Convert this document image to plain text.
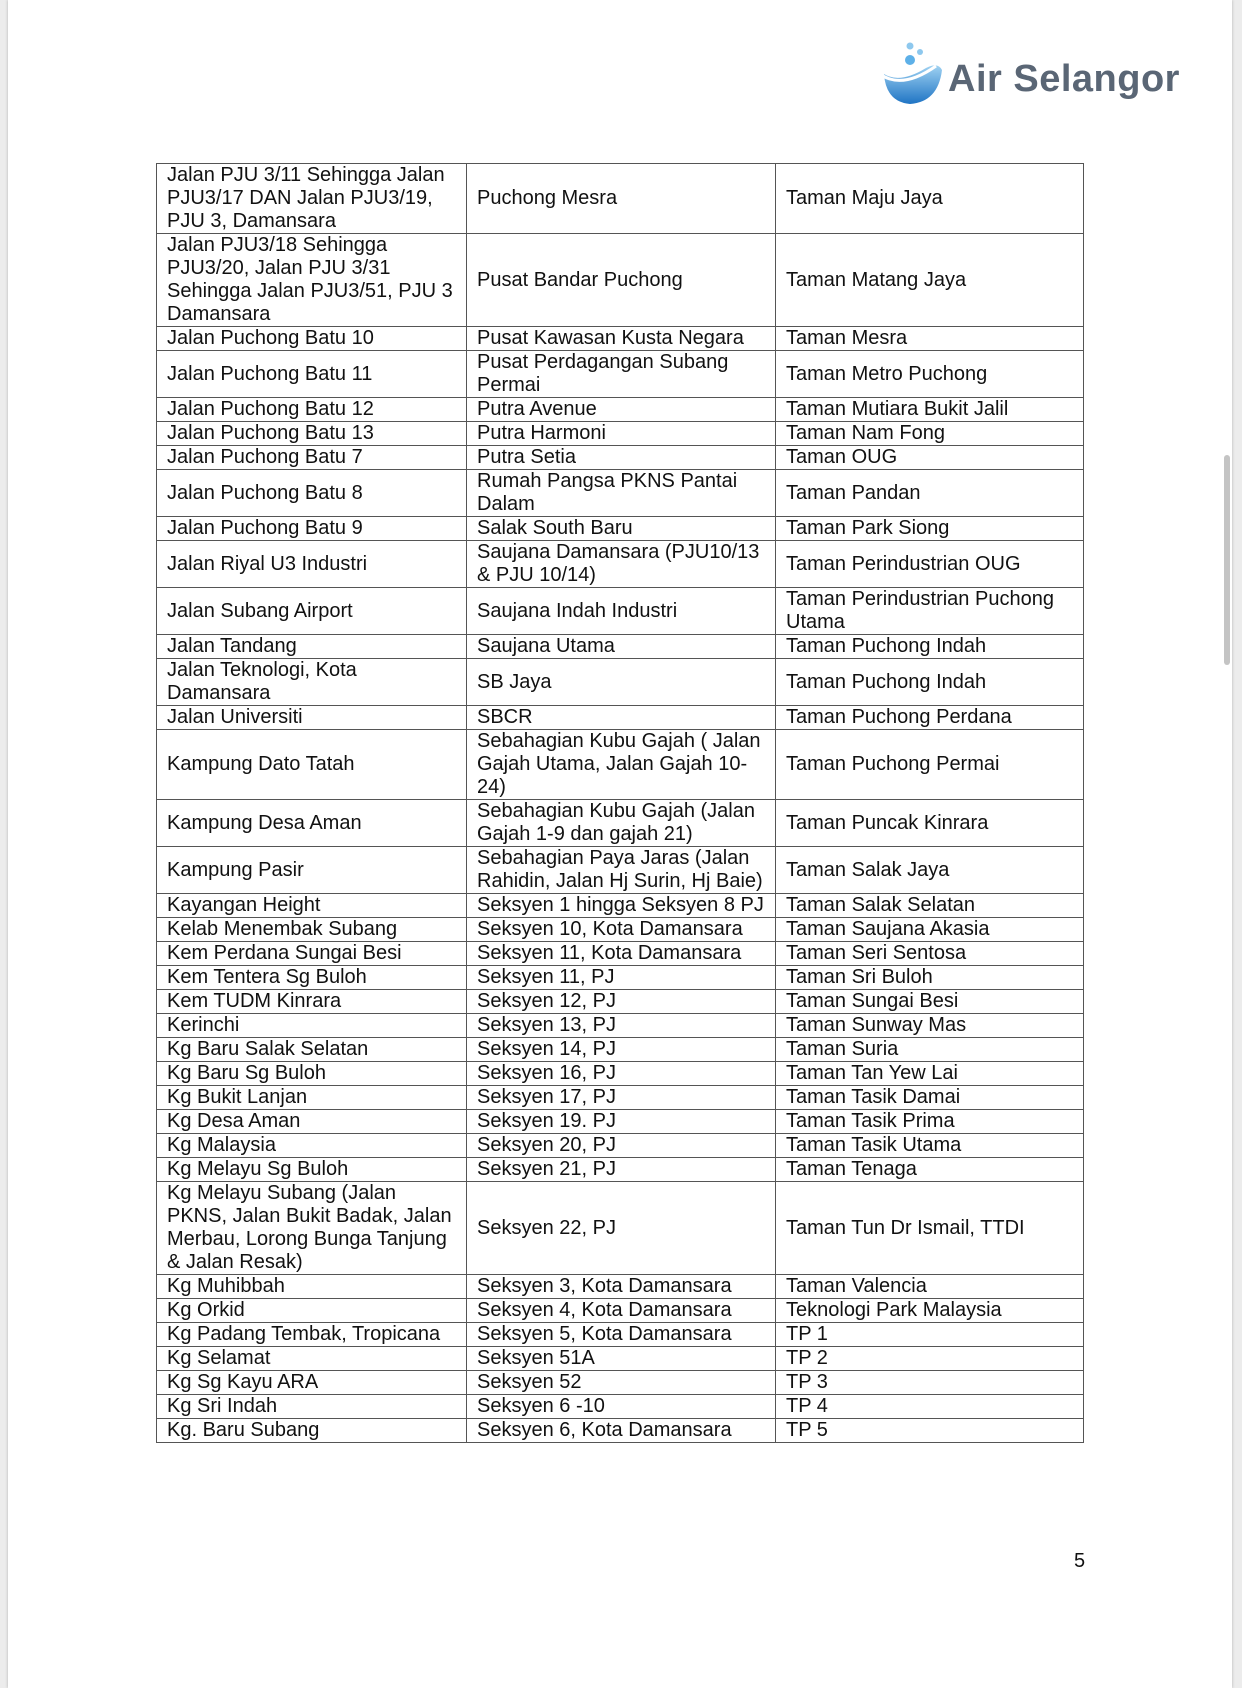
Air Selangor
Jalan PJU 3/11 Sehingga Jalan PJU3/17 DAN Jalan PJU3/19, PJU 3, Damansara	Puchong Mesra	Taman Maju Jaya
Jalan PJU3/18 Sehingga PJU3/20, Jalan PJU 3/31 Sehingga Jalan PJU3/51, PJU 3 Damansara	Pusat Bandar Puchong	Taman Matang Jaya
Jalan Puchong Batu 10	Pusat Kawasan Kusta Negara	Taman Mesra
Jalan Puchong Batu 11	Pusat Perdagangan Subang Permai	Taman Metro Puchong
Jalan Puchong Batu 12	Putra Avenue	Taman Mutiara Bukit Jalil
Jalan Puchong Batu 13	Putra Harmoni	Taman Nam Fong
Jalan Puchong Batu 7	Putra Setia	Taman OUG
Jalan Puchong Batu 8	Rumah Pangsa PKNS Pantai Dalam	Taman Pandan
Jalan Puchong Batu 9	Salak South Baru	Taman Park Siong
Jalan Riyal U3 Industri	Saujana Damansara (PJU10/13 & PJU 10/14)	Taman Perindustrian OUG
Jalan Subang Airport	Saujana Indah Industri	Taman Perindustrian Puchong Utama
Jalan Tandang	Saujana Utama	Taman Puchong Indah
Jalan Teknologi, Kota Damansara	SB Jaya	Taman Puchong Indah
Jalan Universiti	SBCR	Taman Puchong Perdana
Kampung Dato Tatah	Sebahagian Kubu Gajah ( Jalan Gajah Utama, Jalan Gajah 10-24)	Taman Puchong Permai
Kampung Desa Aman	Sebahagian Kubu Gajah (Jalan Gajah 1-9 dan gajah 21)	Taman Puncak Kinrara
Kampung Pasir	Sebahagian Paya Jaras (Jalan Rahidin, Jalan Hj Surin, Hj Baie)	Taman Salak Jaya
Kayangan Height	Seksyen 1 hingga Seksyen 8 PJ	Taman Salak Selatan
Kelab Menembak Subang	Seksyen 10, Kota Damansara	Taman Saujana Akasia
Kem Perdana Sungai Besi	Seksyen 11, Kota Damansara	Taman Seri Sentosa
Kem Tentera Sg Buloh	Seksyen 11, PJ	Taman Sri Buloh
Kem TUDM Kinrara	Seksyen 12, PJ	Taman Sungai Besi
Kerinchi	Seksyen 13, PJ	Taman Sunway Mas
Kg Baru Salak Selatan	Seksyen 14, PJ	Taman Suria
Kg Baru Sg Buloh	Seksyen 16, PJ	Taman Tan Yew Lai
Kg Bukit Lanjan	Seksyen 17, PJ	Taman Tasik Damai
Kg Desa Aman	Seksyen 19. PJ	Taman Tasik Prima
Kg Malaysia	Seksyen 20, PJ	Taman Tasik Utama
Kg Melayu Sg Buloh	Seksyen 21, PJ	Taman Tenaga
Kg Melayu Subang (Jalan PKNS, Jalan Bukit Badak, Jalan Merbau, Lorong Bunga Tanjung & Jalan Resak)	Seksyen 22, PJ	Taman Tun Dr Ismail, TTDI
Kg Muhibbah	Seksyen 3, Kota Damansara	Taman Valencia
Kg Orkid	Seksyen 4, Kota Damansara	Teknologi Park Malaysia
Kg Padang Tembak, Tropicana	Seksyen 5, Kota Damansara	TP 1
Kg Selamat	Seksyen 51A	TP 2
Kg Sg Kayu ARA	Seksyen 52	TP 3
Kg Sri Indah	Seksyen 6 -10	TP 4
Kg. Baru Subang	Seksyen 6, Kota Damansara	TP 5
5
